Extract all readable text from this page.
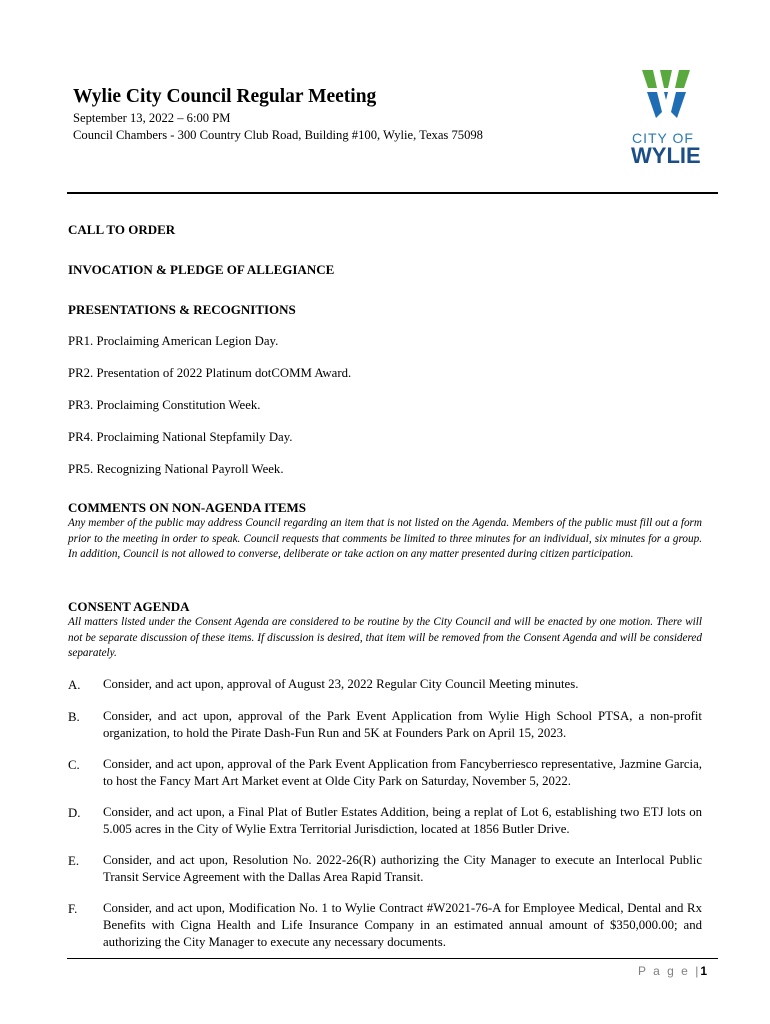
Wylie City Council Regular Meeting
September 13, 2022 – 6:00 PM
Council Chambers - 300 Country Club Road, Building #100, Wylie, Texas 75098	CITY OF
WYLIE
CALL TO ORDER
INVOCATION & PLEDGE OF ALLEGIANCE
PRESENTATIONS & RECOGNITIONS
PR1. Proclaiming American Legion Day.
PR2. Presentation of 2022 Platinum dotCOMM Award.
PR3. Proclaiming Constitution Week.
PR4. Proclaiming National Stepfamily Day.
PR5. Recognizing National Payroll Week.
COMMENTS ON NON-AGENDA ITEMS
Any member of the public may address Council regarding an item that is not listed on the Agenda. Members of the public must fill out a form prior to the meeting in order to speak. Council requests that comments be limited to three minutes for an individual, six minutes for a group. In addition, Council is not allowed to converse, deliberate or take action on any matter presented during citizen participation.
CONSENT AGENDA
All matters listed under the Consent Agenda are considered to be routine by the City Council and will be enacted by one motion. There will not be separate discussion of these items. If discussion is desired, that item will be removed from the Consent Agenda and will be considered separately.
A. Consider, and act upon, approval of August 23, 2022 Regular City Council Meeting minutes.
B. Consider, and act upon, approval of the Park Event Application from Wylie High School PTSA, a non-profit organization, to hold the Pirate Dash-Fun Run and 5K at Founders Park on April 15, 2023.
C. Consider, and act upon, approval of the Park Event Application from Fancyberriesco representative, Jazmine Garcia, to host the Fancy Mart Art Market event at Olde City Park on Saturday, November 5, 2022.
D. Consider, and act upon, a Final Plat of Butler Estates Addition, being a replat of Lot 6, establishing two ETJ lots on 5.005 acres in the City of Wylie Extra Territorial Jurisdiction, located at 1856 Butler Drive.
E. Consider, and act upon, Resolution No. 2022-26(R) authorizing the City Manager to execute an Interlocal Public Transit Service Agreement with the Dallas Area Rapid Transit.
F. Consider, and act upon, Modification No. 1 to Wylie Contract #W2021-76-A for Employee Medical, Dental and Rx Benefits with Cigna Health and Life Insurance Company in an estimated annual amount of $350,000.00; and authorizing the City Manager to execute any necessary documents.
P a g e |1
